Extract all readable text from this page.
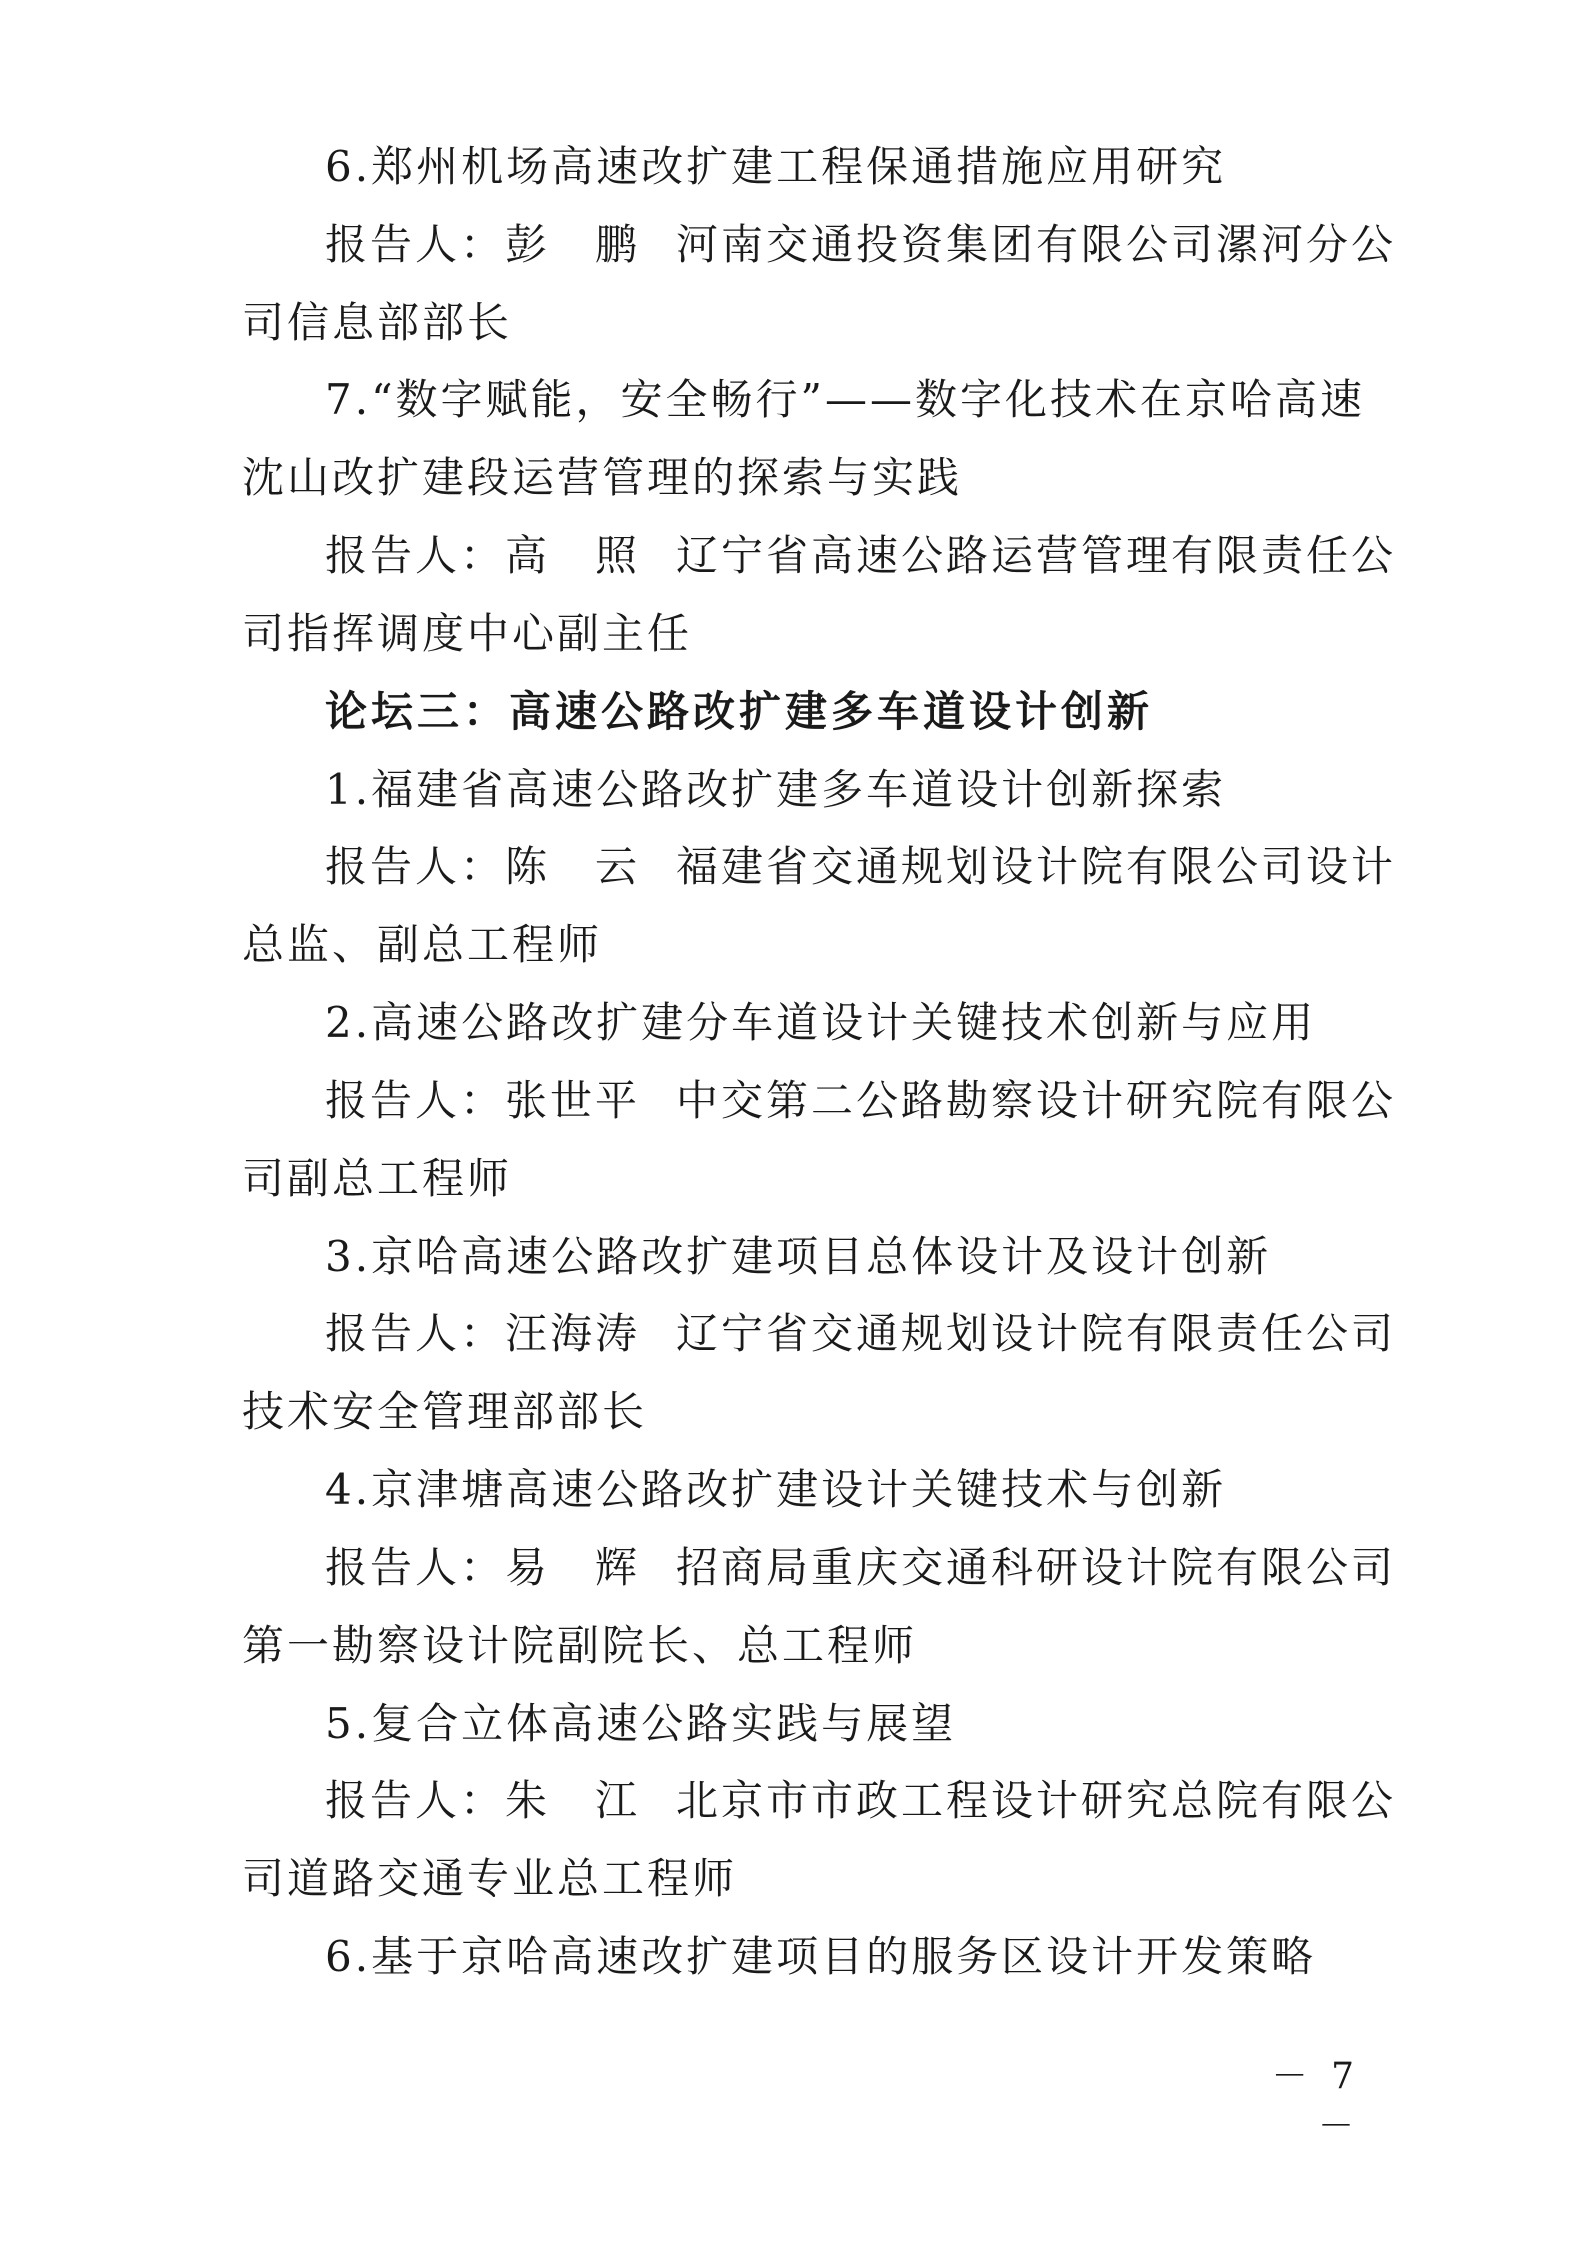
6.郑州机场高速改扩建工程保通措施应用研究
报告人：彭　鹏 河南交通投资集团有限公司漯河分公
司信息部部长
7.“数字赋能，安全畅行”——数字化技术在京哈高速
沈山改扩建段运营管理的探索与实践
报告人：高　照 辽宁省高速公路运营管理有限责任公
司指挥调度中心副主任
论坛三：高速公路改扩建多车道设计创新
1.福建省高速公路改扩建多车道设计创新探索
报告人：陈　云 福建省交通规划设计院有限公司设计
总监、副总工程师
2.高速公路改扩建分车道设计关键技术创新与应用
报告人：张世平 中交第二公路勘察设计研究院有限公
司副总工程师
3.京哈高速公路改扩建项目总体设计及设计创新
报告人：汪海涛 辽宁省交通规划设计院有限责任公司
技术安全管理部部长
4.京津塘高速公路改扩建设计关键技术与创新
报告人：易　辉 招商局重庆交通科研设计院有限公司
第一勘察设计院副院长、总工程师
5.复合立体高速公路实践与展望
报告人：朱　江 北京市市政工程设计研究总院有限公
司道路交通专业总工程师
6.基于京哈高速改扩建项目的服务区设计开发策略
－ 7 －
